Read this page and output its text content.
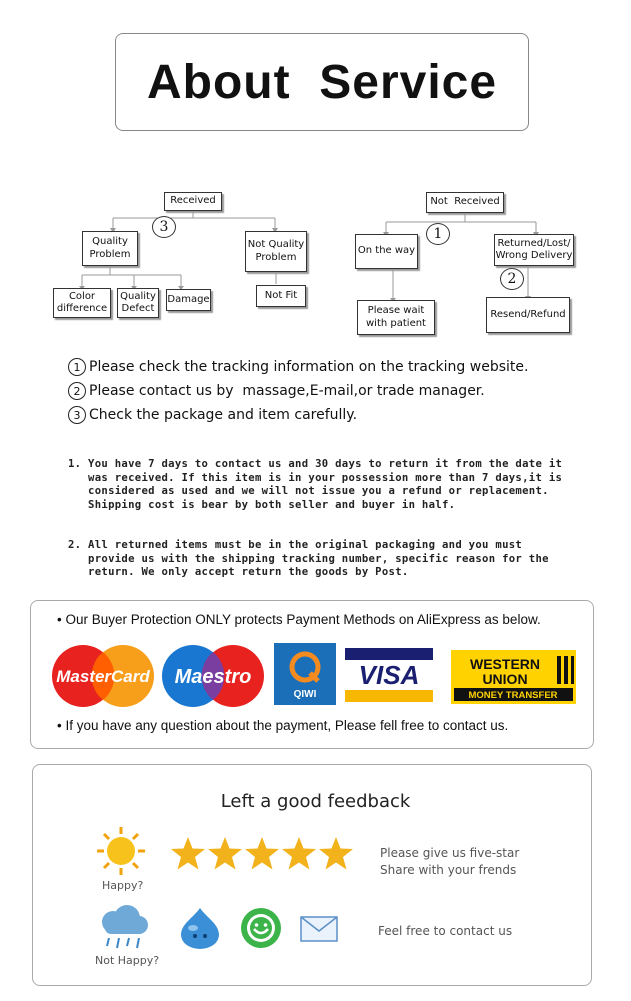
About  Service
Received
3
Quality
Problem
Not Quality
Problem
Color
difference
Quality
Defect
Damage	Not Fit
Not  Received
1
2
On the way
Returned/Lost/
Wrong Delivery
Please wait
with patient
Resend/Refund
1 Please check the tracking information on the tracking website.
2 Please contact us by  massage,E-mail,or trade manager.
3 Check the package and item carefully.
1. You have 7 days to contact us and 30 days to return it from the date it
was received. If this item is in your possession more than 7 days,it is
considered as used and we will not issue you a refund or replacement.
Shipping cost is bear by both seller and buyer in half.
2. All returned items must be in the original packaging and you must
provide us with the shipping tracking number, specific reason for the
return. We only accept return the goods by Post.
• Our Buyer Protection ONLY protects Payment Methods on AliExpress as below.
MasterCard Maestro
QIWI
VISA	WESTERN
UNION
MONEY TRANSFER
• If you have any question about the payment, Please fell free to contact us.
Left a good feedback
Happy?
Please give us five-star
Share with your frends
Not Happy?
Feel free to contact us
